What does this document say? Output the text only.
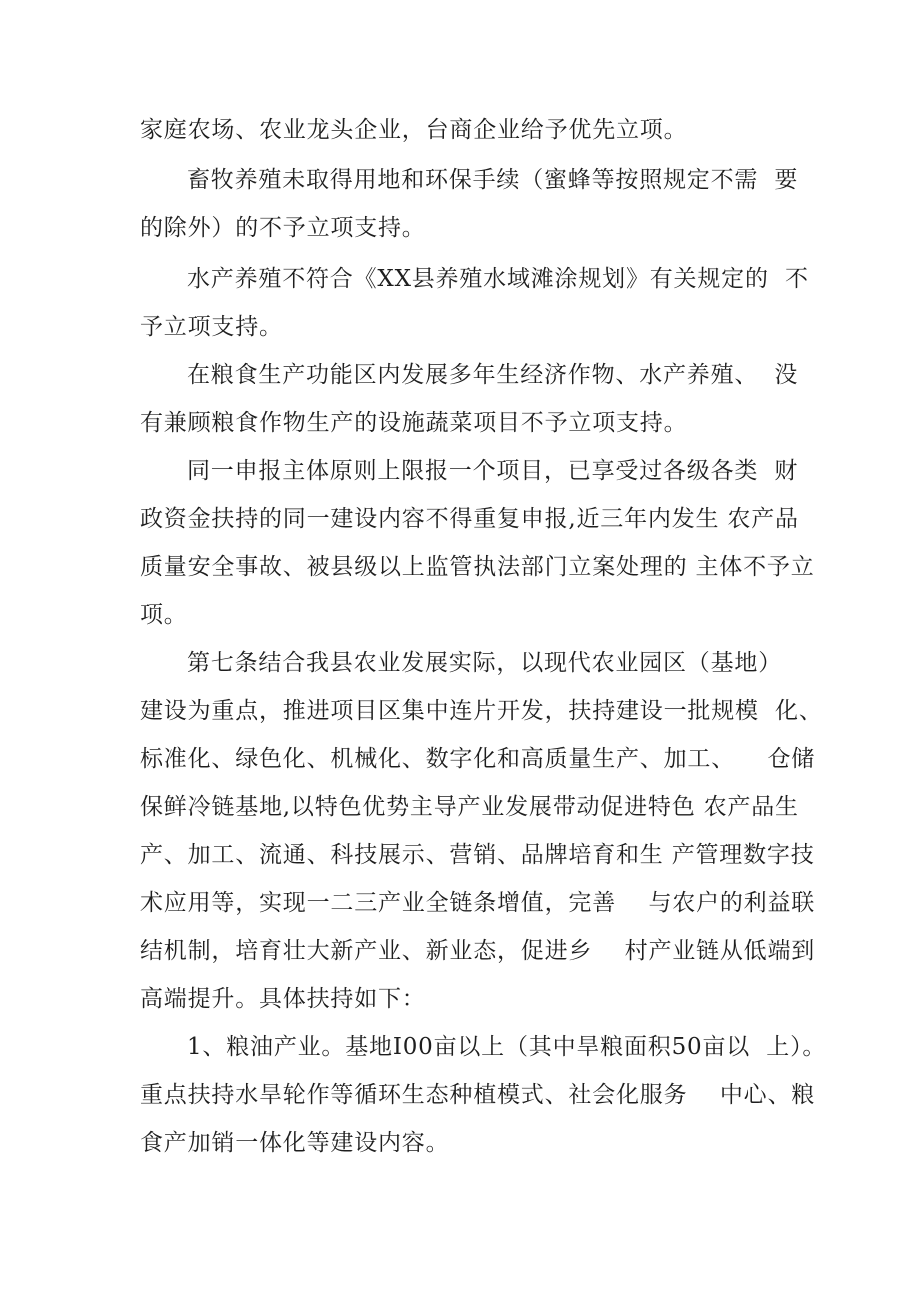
家庭农场、农业龙头企业，台商企业给予优先立项。

畜牧养殖未取得用地和环保手续（蜜蜂等按照规定不需  要

的除外）的不予立项支持。

水产养殖不符合《XX县养殖水域滩涂规划》有关规定的  不

予立项支持。

在粮食生产功能区内发展多年生经济作物、水产养殖、  没

有兼顾粮食作物生产的设施蔬菜项目不予立项支持。

同一申报主体原则上限报一个项目，已享受过各级各类  财

政资金扶持的同一建设内容不得重复申报,近三年内发生 农产品

质量安全事故、被县级以上监管执法部门立案处理的 主体不予立

项。

第七条结合我县农业发展实际，以现代农业园区（基地）

建设为重点，推进项目区集中连片开发，扶持建设一批规模  化、

标准化、绿色化、机械化、数字化和高质量生产、加工、    仓储

保鲜冷链基地,以特色优势主导产业发展带动促进特色 农产品生

产、加工、流通、科技展示、营销、品牌培育和生 产管理数字技

术应用等，实现一二三产业全链条增值，完善    与农户的利益联

结机制，培育壮大新产业、新业态，促进乡    村产业链从低端到

高端提升。具体扶持如下：

1、粮油产业。基地I00亩以上（其中旱粮面积50亩以  上）。

重点扶持水旱轮作等循环生态种植模式、社会化服务    中心、粮

食产加销一体化等建设内容。
